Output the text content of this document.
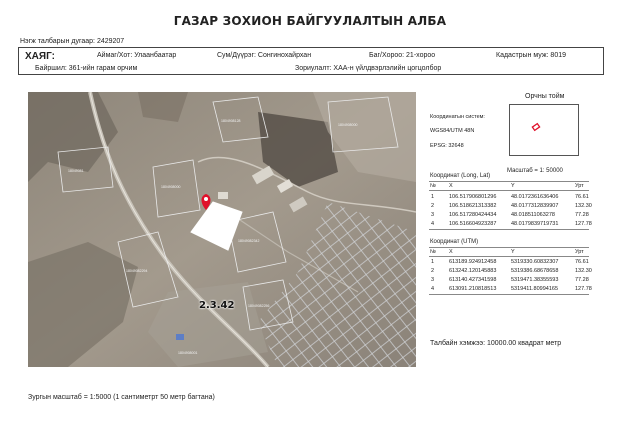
ГАЗАР ЗОХИОН БАЙГУУЛАЛТЫН АЛБА
Нэгж талбарын дугаар: 2429207
ХАЯГ:	Аймаг/Хот: Улаанбаатар	Сум/Дүүрэг: Сонгинохайрхан	Баг/Хороо: 21-хороо	Кадастрын муж: 8019
Байршил: 361-ийн гарам орчим	Зориулалт: ХАА-н үйлдвэрлэлийн цогцолбор
1804908000
18049082294
1804908128
18049082342
18049081
1804908000
18049082256
1804908001
2.3.42
Орчны тойм
Координатын систем:
WGS84/UTM 48N
EPSG: 32648
Координат (Long, Lat)
Масштаб = 1: 50000
№ X	Y	Урт
1	106.517906801296	48.0172361636406	76.61
2	106.518621313382	48.0177312839907	132.30
3	106.517280424434	48.018511063278	77.28
4	106.516604923287	48.0179839719731	127.78
Координат (UTM)
№ X	Y	Урт
1	613189.924912458	5319330.60832307	76.61
2	613242.120145883	5319386.68678658	132.30
3	613140.427341598	5319471.38355593	77.28
4	613091.210818513	5319411.80994165	127.78
Талбайн хэмжээ: 10000.00 квадрат метр
Зургын масштаб = 1:5000 (1 сантиметрт 50 метр багтана)
